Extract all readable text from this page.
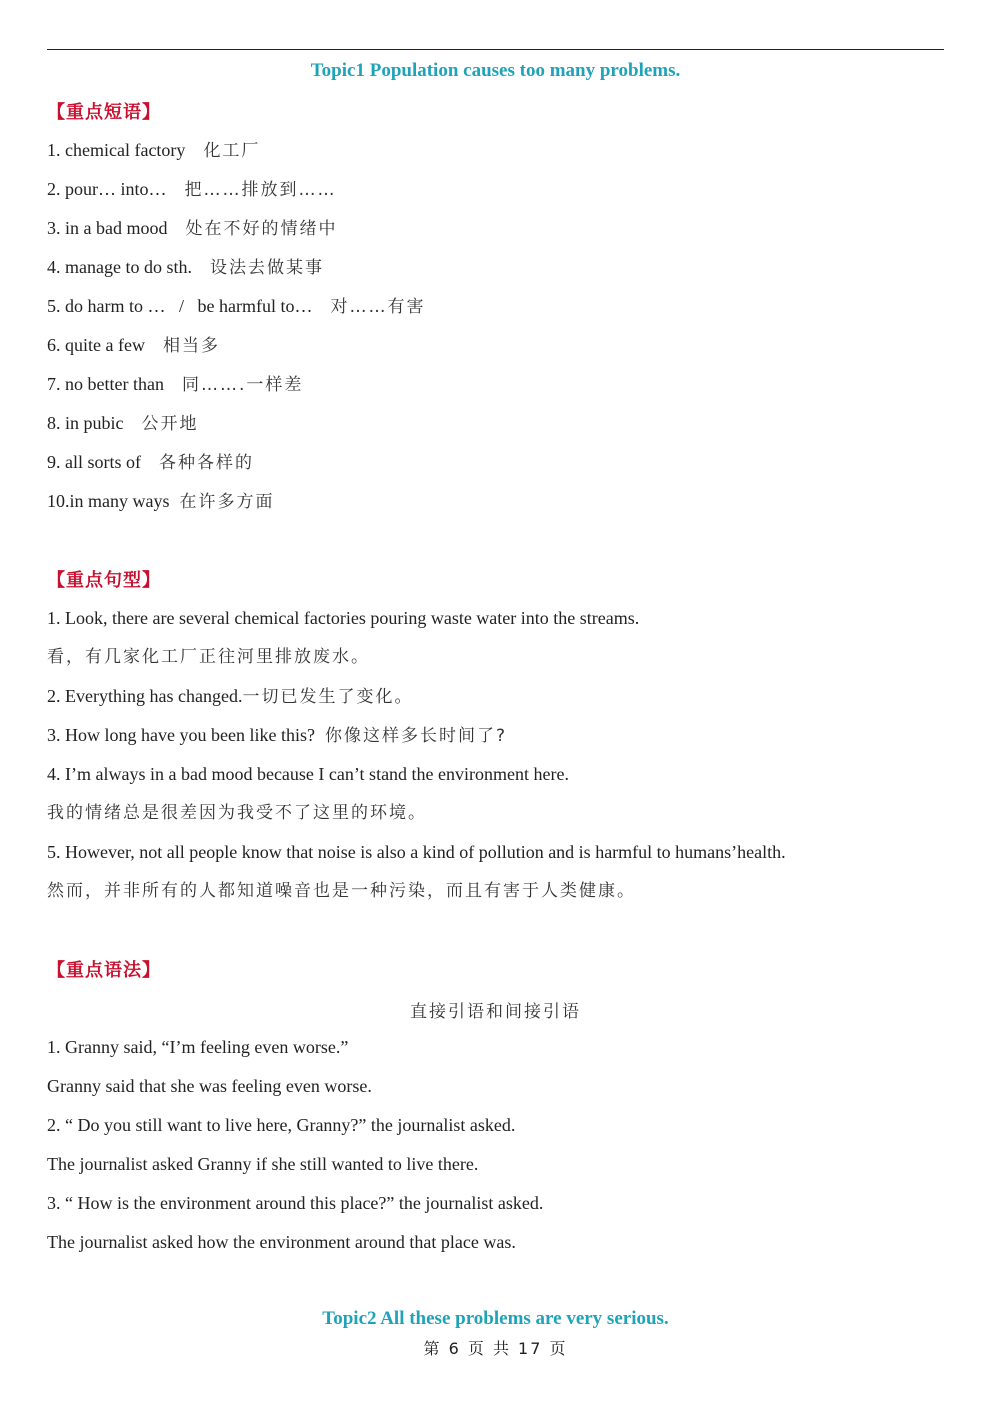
Topic1 Population causes too many problems.
【重点短语】
1. chemical factory 化工厂
2. pour… into… 把……排放到……
3. in a bad mood 处在不好的情绪中
4. manage to do sth. 设法去做某事
5. do harm to …   /   be harmful to… 对……有害
6. quite a few 相当多
7. no better than 同…….一样差
8. in pubic 公开地
9. all sorts of 各种各样的
10.in many ways 在许多方面
【重点句型】
1. Look, there are several chemical factories pouring waste water into the streams.
看，有几家化工厂正往河里排放废水。
2. Everything has changed.一切已发生了变化。
3. How long have you been like this? 你像这样多长时间了?
4. I’m always in a bad mood because I can’t stand the environment here.
我的情绪总是很差因为我受不了这里的环境。
5. However, not all people know that noise is also a kind of pollution and is harmful to humans’health.
然而，并非所有的人都知道噪音也是一种污染，而且有害于人类健康。
【重点语法】
直接引语和间接引语
1. Granny said, “I’m feeling even worse.”
Granny said that she was feeling even worse.
2. “ Do you still want to live here, Granny?” the journalist asked.
The journalist asked Granny if she still wanted to live there.
3. “ How is the environment around this place?” the journalist asked.
The journalist asked how the environment around that place was.
Topic2 All these problems are very serious.
第 6 页 共 17 页
